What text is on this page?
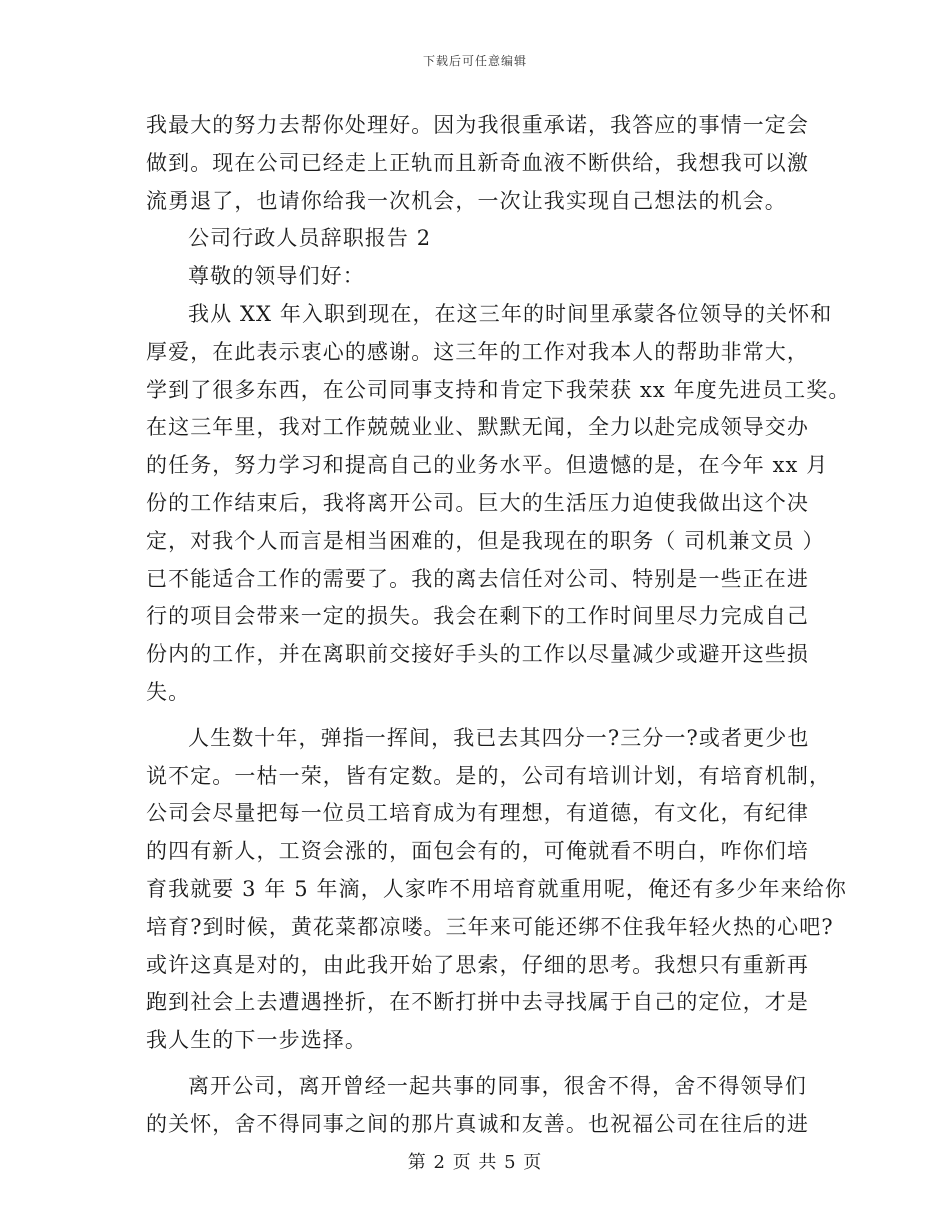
下载后可任意编辑
我最大的努力去帮你处理好。因为我很重承诺，我答应的事情一定会
做到。现在公司已经走上正轨而且新奇血液不断供给，我想我可以激
流勇退了，也请你给我一次机会，一次让我实现自己想法的机会。
公司行政人员辞职报告 2
尊敬的领导们好：
我从 XX 年入职到现在，在这三年的时间里承蒙各位领导的关怀和
厚爱，在此表示衷心的感谢。这三年的工作对我本人的帮助非常大，
学到了很多东西，在公司同事支持和肯定下我荣获 xx 年度先进员工奖。
在这三年里，我对工作兢兢业业、默默无闻，全力以赴完成领导交办
的任务，努力学习和提高自己的业务水平。但遗憾的是，在今年 xx 月
份的工作结束后，我将离开公司。巨大的生活压力迫使我做出这个决
定，对我个人而言是相当困难的，但是我现在的职务（ 司机兼文员 ）
已不能适合工作的需要了。我的离去信任对公司、特别是一些正在进
行的项目会带来一定的损失。我会在剩下的工作时间里尽力完成自己
份内的工作，并在离职前交接好手头的工作以尽量减少或避开这些损
失。
人生数十年，弹指一挥间，我已去其四分一?三分一?或者更少也
说不定。一枯一荣，皆有定数。是的，公司有培训计划，有培育机制，
公司会尽量把每一位员工培育成为有理想，有道德，有文化，有纪律
的四有新人，工资会涨的，面包会有的，可俺就看不明白，咋你们培
育我就要 3 年 5 年滴，人家咋不用培育就重用呢，俺还有多少年来给你
培育?到时候，黄花菜都凉喽。三年来可能还绑不住我年轻火热的心吧?
或许这真是对的，由此我开始了思索，仔细的思考。我想只有重新再
跑到社会上去遭遇挫折，在不断打拼中去寻找属于自己的定位，才是
我人生的下一步选择。
离开公司，离开曾经一起共事的同事，很舍不得，舍不得领导们
的关怀，舍不得同事之间的那片真诚和友善。也祝福公司在往后的进
第 2 页 共 5 页
